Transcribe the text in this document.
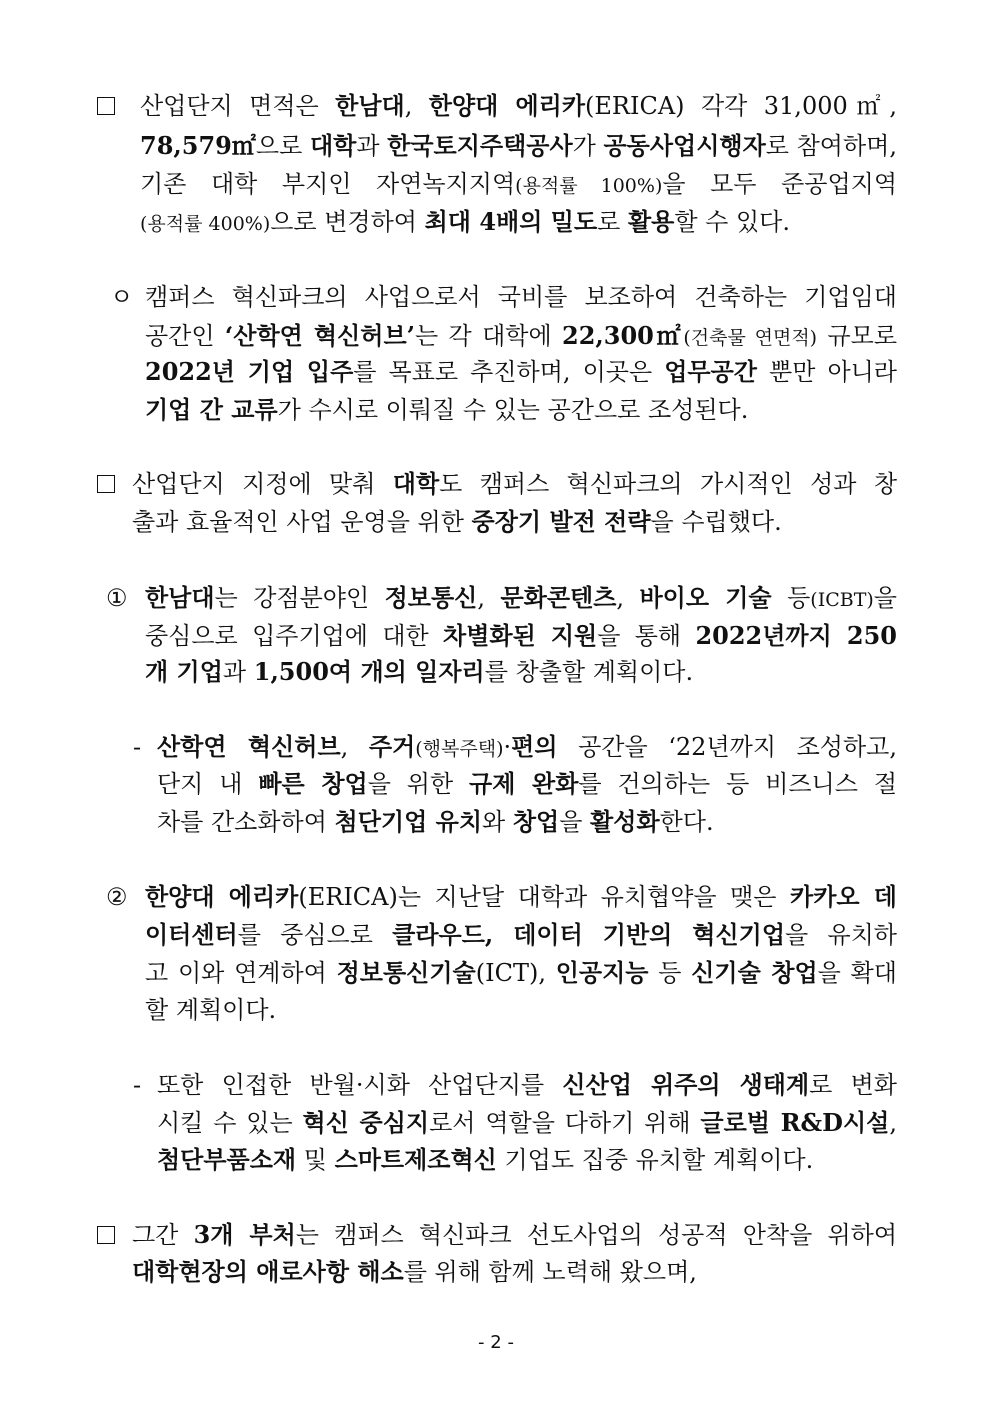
산업단지 면적은 한남대, 한양대 에리카(ERICA) 각각 31,000㎡,
78,579㎡으로 대학과 한국토지주택공사가 공동사업시행자로 참여하며,
기존 대학 부지인 자연녹지지역(용적률 100%)을 모두 준공업지역
(용적률 400%)으로 변경하여 최대 4배의 밀도로 활용할 수 있다.
ㅇ 캠퍼스 혁신파크의 사업으로서 국비를 보조하여 건축하는 기업임대
공간인 ‘산학연 혁신허브’는 각 대학에 22,300㎡(건축물 연면적) 규모로
2022년 기업 입주를 목표로 추진하며, 이곳은 업무공간 뿐만 아니라
기업 간 교류가 수시로 이뤄질 수 있는 공간으로 조성된다.
산업단지 지정에 맞춰 대학도 캠퍼스 혁신파크의 가시적인 성과 창
출과 효율적인 사업 운영을 위한 중장기 발전 전략을 수립했다.
① 한남대는 강점분야인 정보통신, 문화콘텐츠, 바이오 기술 등(ICBT)을
중심으로 입주기업에 대한 차별화된 지원을 통해 2022년까지 250
개 기업과 1,500여 개의 일자리를 창출할 계획이다.
- 산학연 혁신허브, 주거(행복주택)·편의 공간을 ‘22년까지 조성하고,
단지 내 빠른 창업을 위한 규제 완화를 건의하는 등 비즈니스 절
차를 간소화하여 첨단기업 유치와 창업을 활성화한다.
② 한양대 에리카(ERICA)는 지난달 대학과 유치협약을 맺은 카카오 데
이터센터를 중심으로 클라우드, 데이터 기반의 혁신기업을 유치하
고 이와 연계하여 정보통신기술(ICT), 인공지능 등 신기술 창업을 확대
할 계획이다.
- 또한 인접한 반월·시화 산업단지를 신산업 위주의 생태계로 변화
시킬 수 있는 혁신 중심지로서 역할을 다하기 위해 글로벌 R&D시설,
첨단부품소재 및 스마트제조혁신 기업도 집중 유치할 계획이다.
그간 3개 부처는 캠퍼스 혁신파크 선도사업의 성공적 안착을 위하여
대학현장의 애로사항 해소를 위해 함께 노력해 왔으며,
- 2 -
